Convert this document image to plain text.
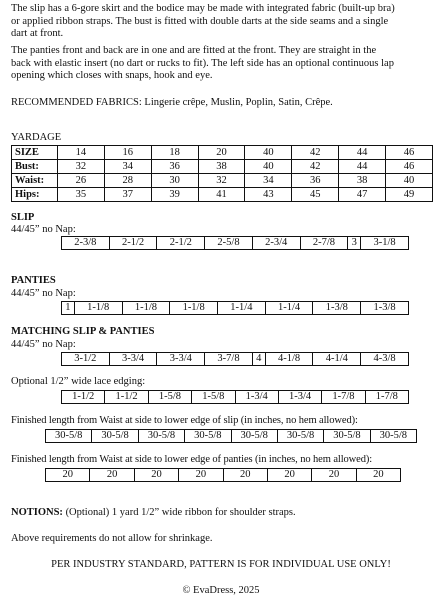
The slip has a 6-gore skirt and the bodice may be made with integrated fabric (built-up bra)
or applied ribbon straps. The bust is fitted with double darts at the side seams and a single
dart at front.
The panties front and back are in one and are fitted at the front. They are straight in the
back with elastic insert (no dart or rucks to fit). The left side has an optional continuous lap
opening which closes with snaps, hook and eye.
RECOMMENDED FABRICS: Lingerie crêpe, Muslin, Poplin, Satin, Crêpe.
YARDAGE
SIZE	14	16	18	20	40	42	44	46
Bust:	32	34	36	38	40	42	44	46
Waist:	26	28	30	32	34	36	38	40
Hips:	35	37	39	41	43	45	47	49
SLIP
44/45” no Nap:
2-3/8	2-1/2	2-1/2	2-5/8	2-3/4	2-7/8	3	3-1/8
PANTIES
44/45” no Nap:
1	1-1/8	1-1/8	1-1/8	1-1/4	1-1/4	1-3/8	1-3/8
MATCHING SLIP & PANTIES
44/45” no Nap:
3-1/2	3-3/4	3-3/4	3-7/8	4	4-1/8	4-1/4	4-3/8
Optional 1/2” wide lace edging:
1-1/2	1-1/2	1-5/8	1-5/8	1-3/4	1-3/4	1-7/8	1-7/8
Finished length from Waist at side to lower edge of slip (in inches, no hem allowed):
30-5/8	30-5/8	30-5/8	30-5/8	30-5/8	30-5/8	30-5/8	30-5/8
Finished length from Waist at side to lower edge of panties (in inches, no hem allowed):
20	20	20	20	20	20	20	20
NOTIONS: (Optional) 1 yard 1/2” wide ribbon for shoulder straps.
Above requirements do not allow for shrinkage.
PER INDUSTRY STANDARD, PATTERN IS FOR INDIVIDUAL USE ONLY!
© EvaDress, 2025
